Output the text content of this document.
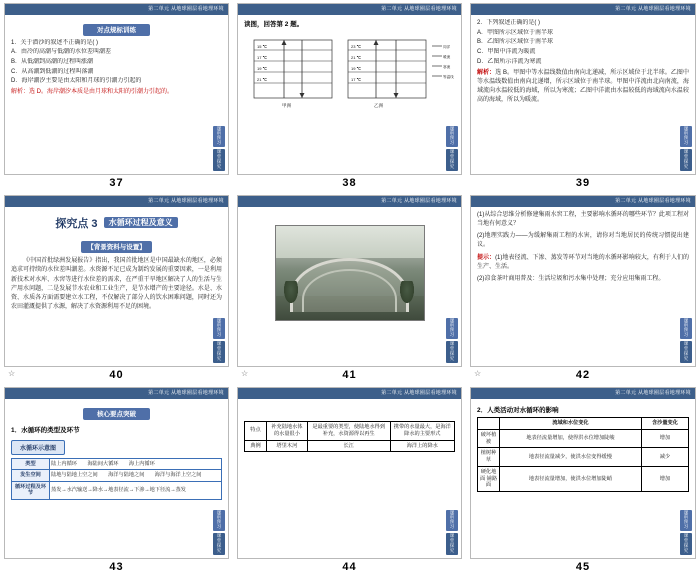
第二单元 从地球圈层看地理环境
对点规标训练
1．关于潜沙的叙述不正确的是( )
A．由冷的高潮与低潮的水位差叫潮差
B．从低潮到高潮的过程叫涨潮
C．从高潮到低潮的过程叫落潮
D．海岸潮汐主要是由太阳和月球的引潮力引起的
解析：选 D。海岸潮汐本质是由月球和太阳的引潮力引起的。
课前预习
课堂探究
37
第二单元 从地球圈层看地理环境
读图，回答第 2 题。
15 ℃
17 ℃
19 ℃
21 ℃
甲洲
23 ℃
21 ℃
19 ℃
17 ℃
乙洲
同洋
暖流
寒流
等温线
课前预习
课堂探究
38
第二单元 从地球圈层看地理环境
2．下列叙述正确的是( )
A．甲图所示区域位于南半球
B．乙图所示区域位于南半球
C．甲图中洋流为暖流
D．乙图所示洋流为寒流
解析：选 B。甲图中等水温线数值由南向北递减，所示区域位于北半球。乙图中等水温线数值由南向北递增，所示区域位于南半球。甲图中洋流由北向南流，海域流向水温较低的海域，所以为寒流；乙图中洋流由水温较低的海域流向水温较高的海域，所以为暖流。
课前预习
课堂探究
39
第二单元 从地球圈层看地理环境
探究点 3 水循环过程及意义
【背景资料与设置】
《中国首批绿洲发展报告》指出，我国首批地区是中国最缺水的地区，必须追求可持续的水位差叫潮差。水资源不足已成为制约发展的重要因素，一是利用新技术对水库、水窖等进行水位差的需求，在严重干旱地区解决了人的生活与生产用水问题，二是发展节水农业和工业生产，是节水增产的主要途径。水是、水资、水质各方面需要建立水工程，不仅解决了部分人的饮水困难问题，同时还为农田灌溉提供了水源，解决了水资源利用不足的困境。
课前预习
课堂探究
☆	40
第二单元 从地球圈层看地理环境
课前预习
课堂探究
☆	41
第二单元 从地球圈层看地理环境
(1)从综合思维分析修建集雨水窖工程，主要影响水循环的哪些环节？此项工程对当地有何意义？
(2)地理实践力——为缓解集雨工程的水害，请你对当地居民的传统习惯提出建议。
提示：(1)地表径流、下渗、蒸发等环节对当地的水循环影响较大，有利于人们的生产、生活。
(2)凉食茶叶商用普及：生活垃圾和污水集中处理；充分应用集雨工程。
课前预习
课堂探究
☆	42
第二单元 从地球圈层看地理环境
核心要点突破
1．水循环的类型及环节
水循环示意图
类型	陆上内循环　　海陆间大循环　　海上内循环
发生空间	陆地与陆地上空之间　　海洋与陆地之间　　海洋与海洋上空之间
循环过程及环节	蒸发→水汽输送→降水→地表径流→下渗→地下径流→蒸发
课前预习
课堂探究
43
第二单元 从地球圈层看地理环境
特点	补充陆地水体的水量很小	是最重要的类型，使陆地水得到补充，水资源得以再生	携带的水量最大，是海洋降水的主要形式
典例	塔里木河	长江	海洋上的降水
课前预习
课堂探究
44
第二单元 从地球圈层看地理环境
2．人类活动对水循环的影响
	流域和水位变化	含沙量变化
破坏植被	地表径流量增加，使得洪水位增加陡峻	增加
植树种草	地表径流量减少，使洪水位变得缓慢	减少
硬化地面 铺路面	地表径流量增加，使洪水位增加陡峭	增加
课前预习
课堂探究
45
